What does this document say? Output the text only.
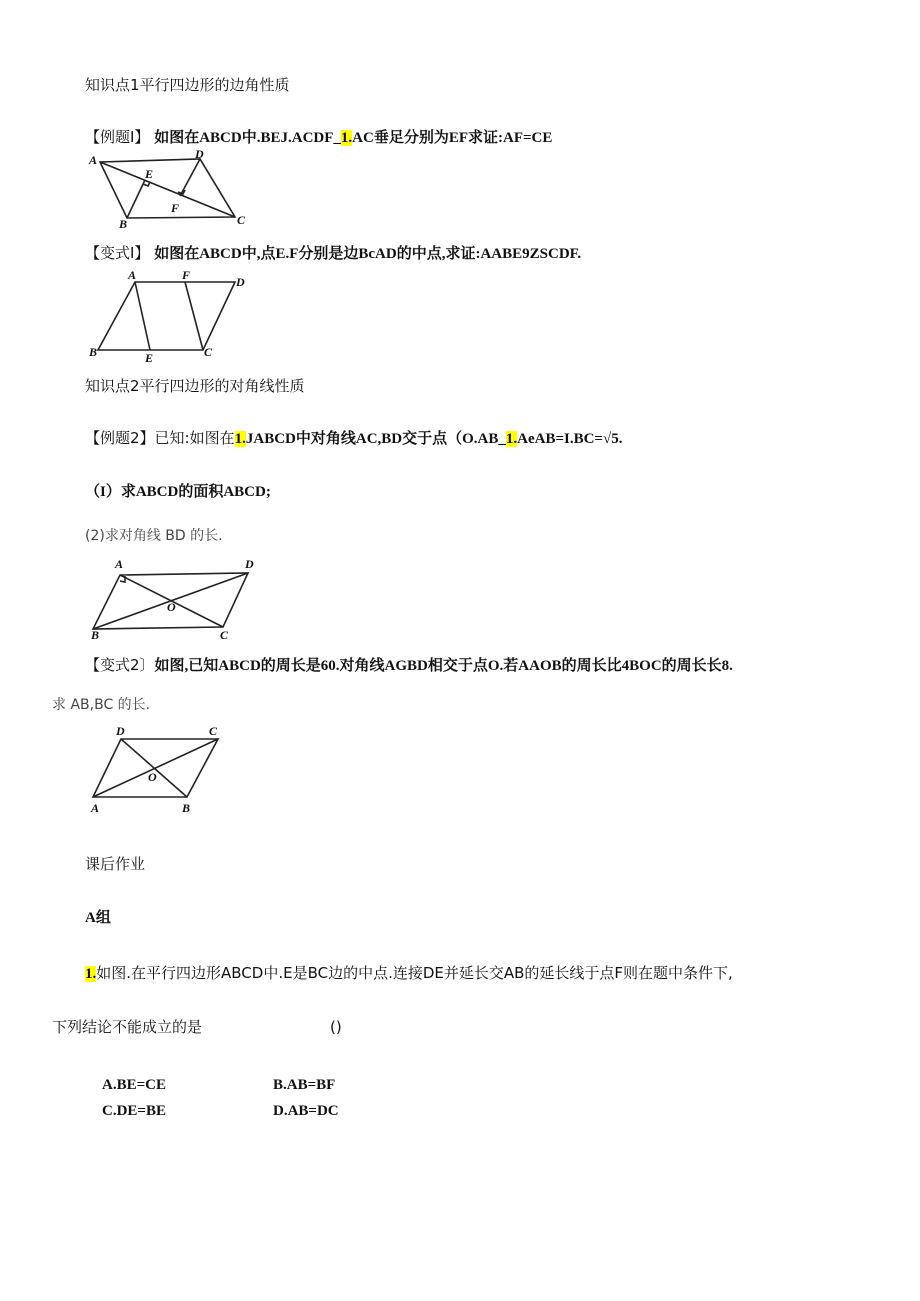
知识点1平行四边形的边角性质
【例题I】 如图在ABCD中.BEJ.ACDF_1.AC垂足分别为EF求证:AF=CE
A	D
E
F
B	C
【变式I】 如图在ABCD中,点E.F分别是边BcAD的中点,求证:AABE9ZSCDF.
A	F	D
B	E	C
知识点2平行四边形的对角线性质
【例题2】已知:如图在1.JABCD中对角线AC,BD交于点（O.AB_1.AeAB=I.BC=√5.
（I）求ABCD的面积ABCD;
(2)求对角线 BD 的长.
A	D
O
B	C
【变式2〕如图,已知ABCD的周长是60.对角线AGBD相交于点O.若AAOB的周长比4BOC的周长长8.
求 AB,BC 的长.
D	C
O
A	B
课后作业
A组
1.如图.在平行四边形ABCD中.E是BC边的中点.连接DE并延长交AB的延长线于点F则在题中条件下,
下列结论不能成立的是	()
A.BE=CE	B.AB=BF
C.DE=BE	D.AB=DC
